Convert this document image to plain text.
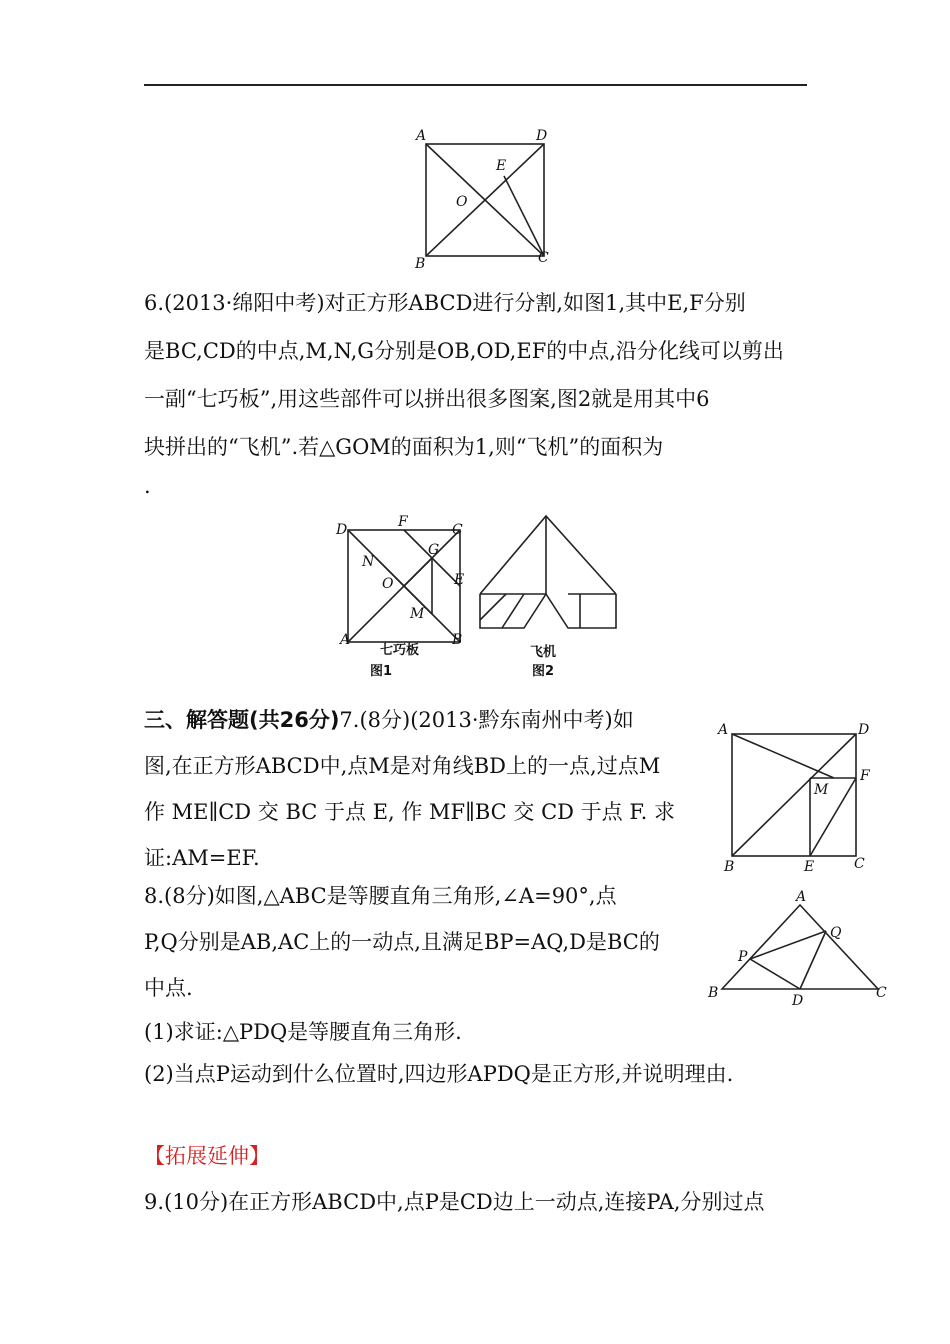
A	D
B	C
O
E
6.(2013·绵阳中考)对正方形ABCD进行分割,如图1,其中E,F分别
是BC,CD的中点,M,N,G分别是OB,OD,EF的中点,沿分化线可以剪出
一副“七巧板”,用这些部件可以拼出很多图案,图2就是用其中6
块拼出的“飞机”.若△GOM的面积为1,则“飞机”的面积为
.
D	F	C
N
G
O	E
M
A	B
七巧板
图1
飞机
图2
三、解答题(共26分)7.(8分)(2013·黔东南州中考)如
图,在正方形ABCD中,点M是对角线BD上的一点,过点M
作 ME∥CD 交 BC 于点 E, 作 MF∥BC 交 CD 于点 F. 求
证:AM=EF.
A	D
M
F
B	E	C
8.(8分)如图,△ABC是等腰直角三角形,∠A=90°,点
P,Q分别是AB,AC上的一动点,且满足BP=AQ,D是BC的
中点.
(1)求证:△PDQ是等腰直角三角形.
(2)当点P运动到什么位置时,四边形APDQ是正方形,并说明理由.
A
Q
P
B	D	C
【拓展延伸】
9.(10分)在正方形ABCD中,点P是CD边上一动点,连接PA,分别过点
